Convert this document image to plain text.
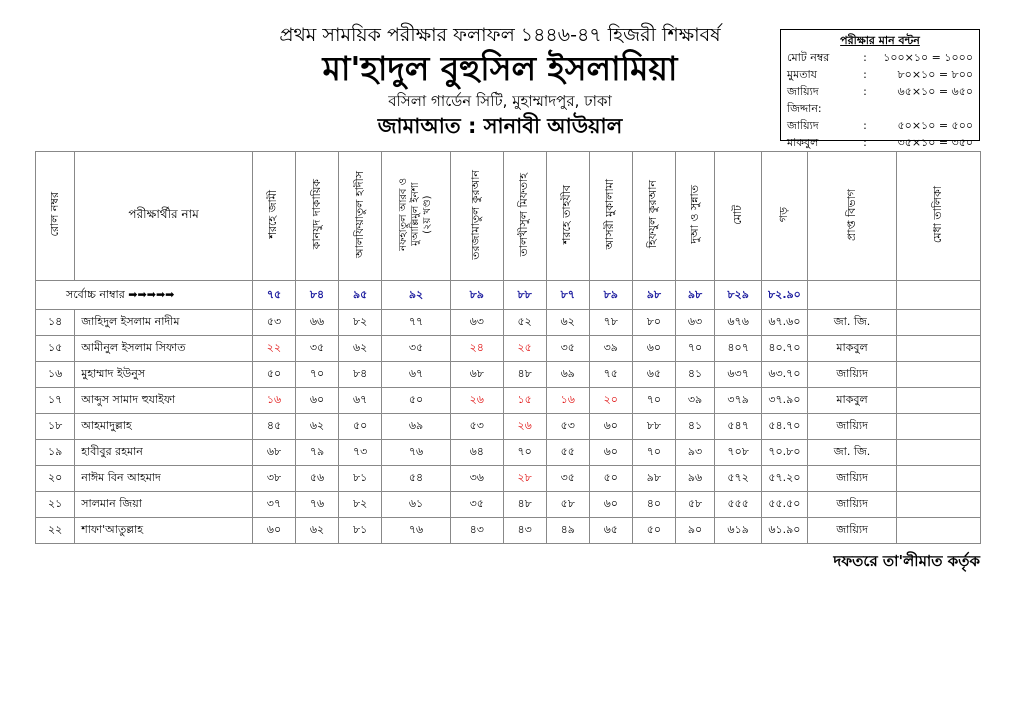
প্রথম সাময়িক পরীক্ষার ফলাফল ১৪৪৬-৪৭ হিজরী শিক্ষাবর্ষ
মা'হাদুল বুহুসিল ইসলামিয়া
বসিলা গার্ডেন সিটি, মুহাম্মাদপুর, ঢাকা
জামাআত : সানাবী আউয়াল
পরীক্ষার মান বন্টন
মোট নম্বর	:	১০০×১০ = ১০০০
মুমতায	:	৮০×১০ = ৮০০
জায়্যিদ জিদ্দান:
:	৬৫×১০ = ৬৫০
জায়্যিদ	:	৫০×১০ = ৫০০
মাকবুল	:	৩৫×১০ = ৩৫০
রোল নম্বর	পরীক্ষার্থীর নাম	শরহে জামী	কানযুদ দাকায়িক	আলফিয়াতুল হাদীস	নফহাতুল আরব ও
মুআল্লিমুল ইনশা
(২য় খণ্ড)	তরজামাতুল কুরআন	তালখীসুল মিফতাহ	শরহে তাহযীব	আসরী মুকালামা	হিফযুল কুরআন	দুআ ও সুন্নাত	মোট	গড়	প্রাপ্ত বিভাগ	মেধা তালিকা
সর্বোচ্চ নাম্বার ➡➡➡➡➡		৭৫	৮৪	৯৫	৯২	৮৯	৮৮	৮৭	৮৯	৯৮	৯৮	৮২৯	৮২.৯০		
১৪	জাহিদুল ইসলাম নাদীম	৫৩	৬৬	৮২	৭৭	৬৩	৫২	৬২	৭৮	৮০	৬৩	৬৭৬	৬৭.৬০	জা. জি.	
১৫	আমীনুল ইসলাম সিফাত	২২	৩৫	৬২	৩৫	২৪	২৫	৩৫	৩৯	৬০	৭০	৪০৭	৪০.৭০	মাকবুল	
১৬	মুহাম্মাদ ইউনুস	৫০	৭০	৮৪	৬৭	৬৮	৪৮	৬৯	৭৫	৬৫	৪১	৬৩৭	৬৩.৭০	জায়্যিদ	
১৭	আব্দুস সামাদ হুযাইফা	১৬	৬০	৬৭	৫০	২৬	১৫	১৬	২০	৭০	৩৯	৩৭৯	৩৭.৯০	মাকবুল	
১৮	আহমাদুল্লাহ	৪৫	৬২	৫০	৬৯	৫৩	২৬	৫৩	৬০	৮৮	৪১	৫৪৭	৫৪.৭০	জায়্যিদ	
১৯	হাবীবুর রহমান	৬৮	৭৯	৭৩	৭৬	৬৪	৭০	৫৫	৬০	৭০	৯৩	৭০৮	৭০.৮০	জা. জি.	
২০	নাঈম বিন আহমাদ	৩৮	৫৬	৮১	৫৪	৩৬	২৮	৩৫	৫০	৯৮	৯৬	৫৭২	৫৭.২০	জায়্যিদ	
২১	সালমান জিয়া	৩৭	৭৬	৮২	৬১	৩৫	৪৮	৫৮	৬০	৪০	৫৮	৫৫৫	৫৫.৫০	জায়্যিদ	
২২	শাফা'আতুল্লাহ	৬০	৬২	৮১	৭৬	৪৩	৪৩	৪৯	৬৫	৫০	৯০	৬১৯	৬১.৯০	জায়্যিদ	
দফতরে তা'লীমাত কর্তৃক
